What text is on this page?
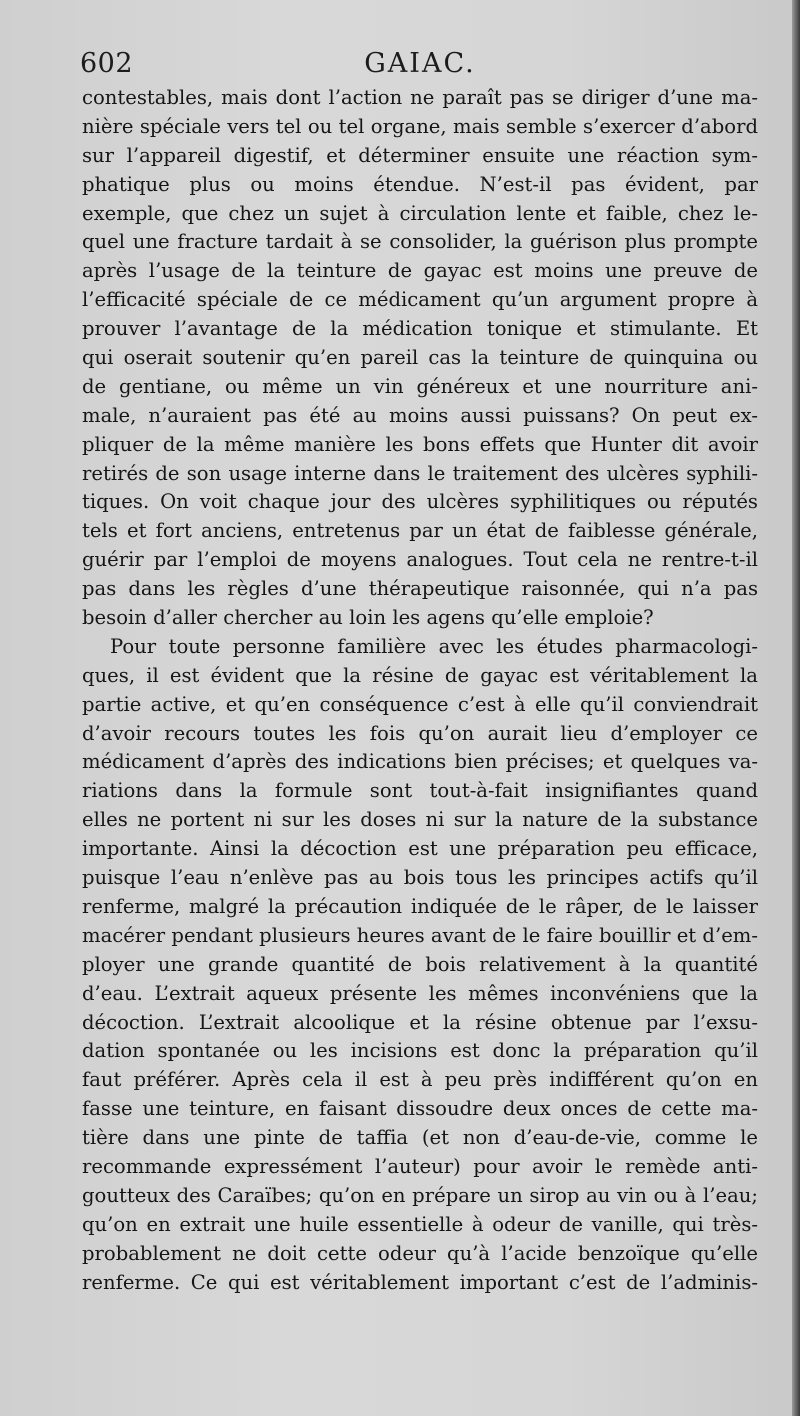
602	GAIAC.
contestables, mais dont l’action ne paraît pas se diriger d’une ma-
nière spéciale vers tel ou tel organe, mais semble s’exercer d’abord
sur l’appareil digestif, et déterminer ensuite une réaction sym-
phatique plus ou moins étendue. N’est-il pas évident, par
exemple, que chez un sujet à circulation lente et faible, chez le-
quel une fracture tardait à se consolider, la guérison plus prompte
après l’usage de la teinture de gayac est moins une preuve de
l’efficacité spéciale de ce médicament qu’un argument propre à
prouver l’avantage de la médication tonique et stimulante. Et
qui oserait soutenir qu’en pareil cas la teinture de quinquina ou
de gentiane, ou même un vin généreux et une nourriture ani-
male, n’auraient pas été au moins aussi puissans? On peut ex-
pliquer de la même manière les bons effets que Hunter dit avoir
retirés de son usage interne dans le traitement des ulcères syphili-
tiques. On voit chaque jour des ulcères syphilitiques ou réputés
tels et fort anciens, entretenus par un état de faiblesse générale,
guérir par l’emploi de moyens analogues. Tout cela ne rentre-t-il
pas dans les règles d’une thérapeutique raisonnée, qui n’a pas
besoin d’aller chercher au loin les agens qu’elle emploie?
Pour toute personne familière avec les études pharmacologi-
ques, il est évident que la résine de gayac est véritablement la
partie active, et qu’en conséquence c’est à elle qu’il conviendrait
d’avoir recours toutes les fois qu’on aurait lieu d’employer ce
médicament d’après des indications bien précises; et quelques va-
riations dans la formule sont tout-à-fait insignifiantes quand
elles ne portent ni sur les doses ni sur la nature de la substance
importante. Ainsi la décoction est une préparation peu efficace,
puisque l’eau n’enlève pas au bois tous les principes actifs qu’il
renferme, malgré la précaution indiquée de le râper, de le laisser
macérer pendant plusieurs heures avant de le faire bouillir et d’em-
ployer une grande quantité de bois relativement à la quantité
d’eau. L’extrait aqueux présente les mêmes inconvéniens que la
décoction. L’extrait alcoolique et la résine obtenue par l’exsu-
dation spontanée ou les incisions est donc la préparation qu’il
faut préférer. Après cela il est à peu près indifférent qu’on en
fasse une teinture, en faisant dissoudre deux onces de cette ma-
tière dans une pinte de taffia (et non d’eau-de-vie, comme le
recommande expressément l’auteur) pour avoir le remède anti-
goutteux des Caraïbes; qu’on en prépare un sirop au vin ou à l’eau;
qu’on en extrait une huile essentielle à odeur de vanille, qui très-
probablement ne doit cette odeur qu’à l’acide benzoïque qu’elle
renferme. Ce qui est véritablement important c’est de l’adminis-
